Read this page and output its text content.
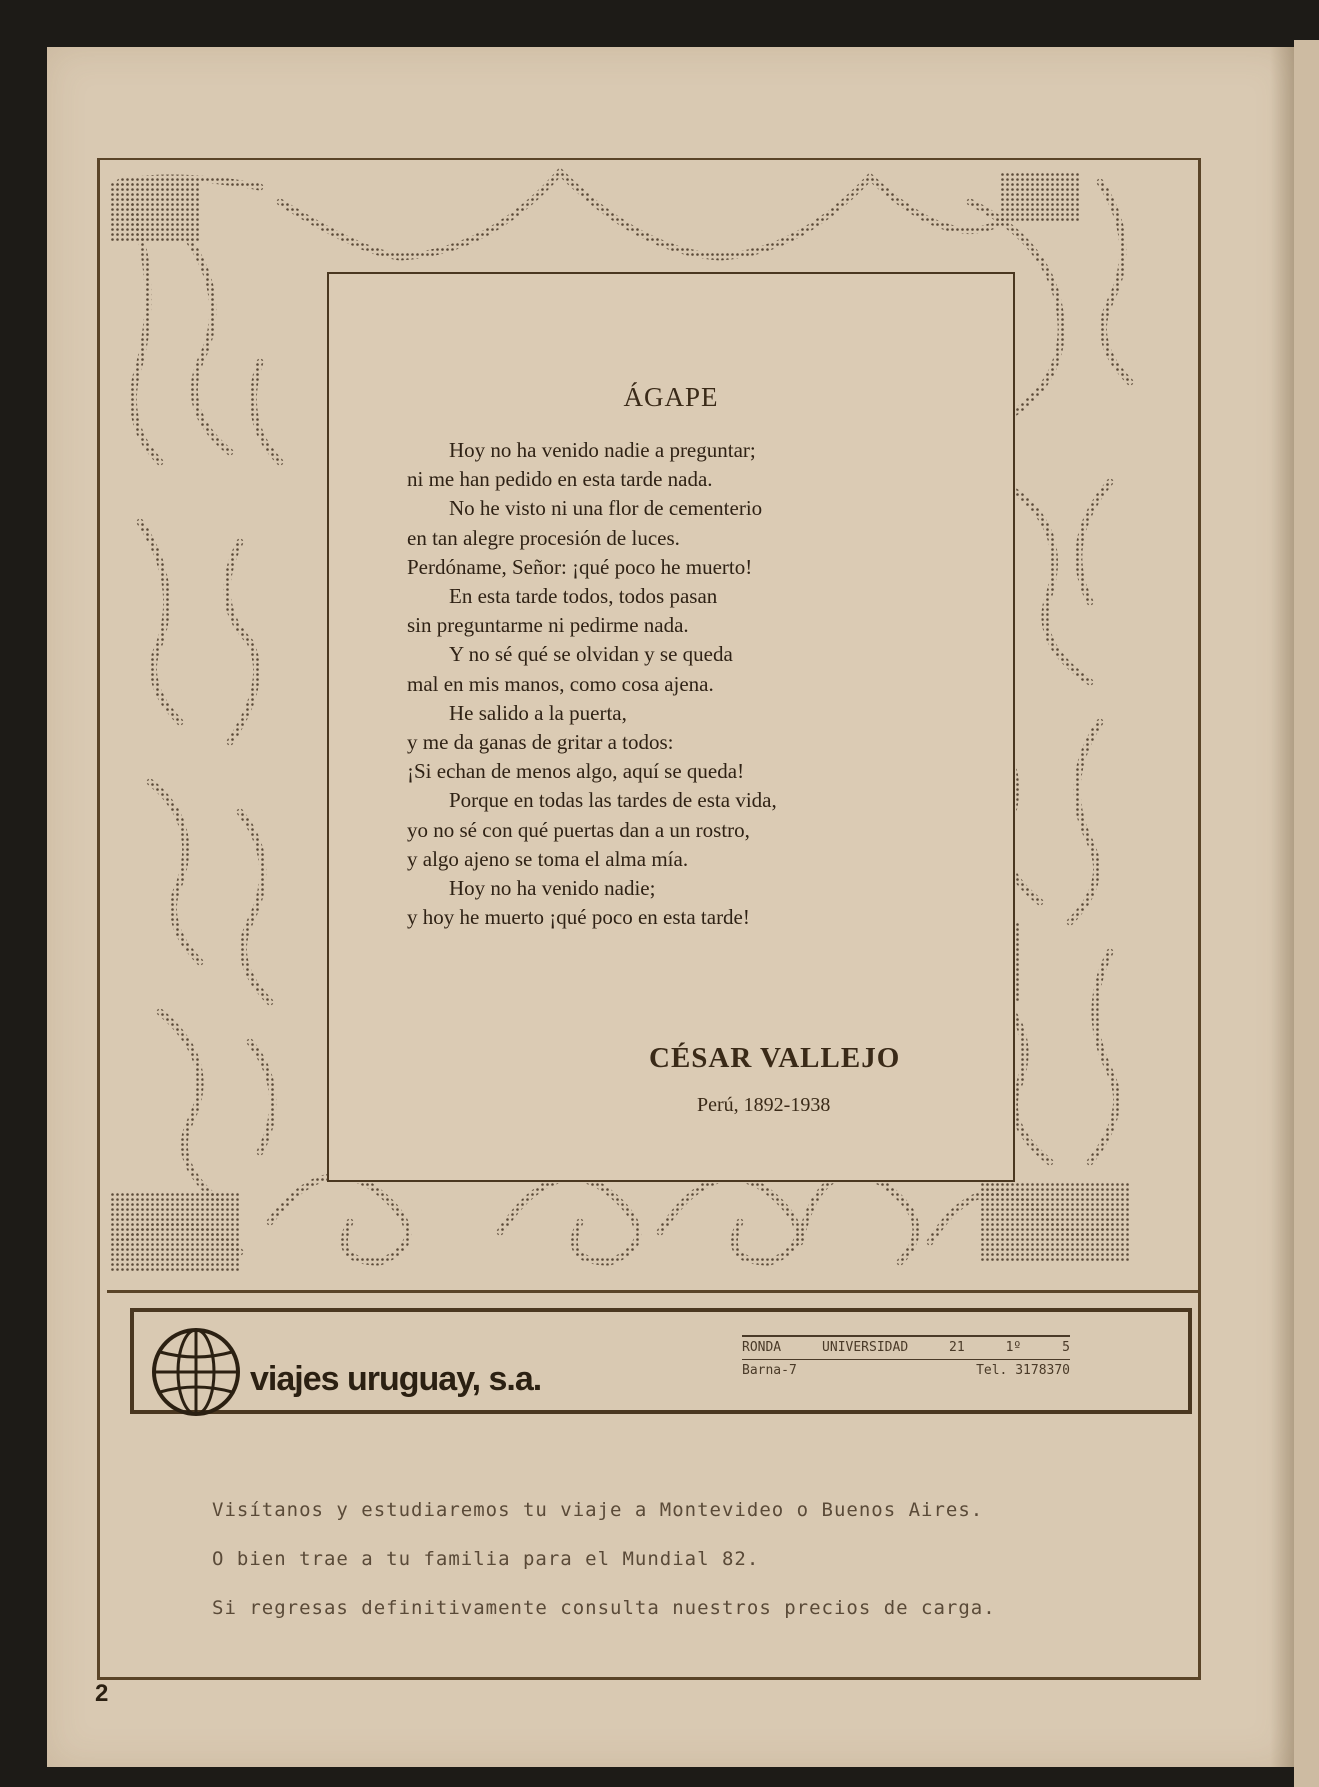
ÁGAPE
Hoy no ha venido nadie a preguntar;
ni me han pedido en esta tarde nada.
No he visto ni una flor de cementerio
en tan alegre procesión de luces.
Perdóname, Señor: ¡qué poco he muerto!
En esta tarde todos, todos pasan
sin preguntarme ni pedirme nada.
Y no sé qué se olvidan y se queda
mal en mis manos, como cosa ajena.
He salido a la puerta,
y me da ganas de gritar a todos:
¡Si echan de menos algo, aquí se queda!
Porque en todas las tardes de esta vida,
yo no sé con qué puertas dan a un rostro,
y algo ajeno se toma el alma mía.
Hoy no ha venido nadie;
y hoy he muerto ¡qué poco en esta tarde!
CÉSAR VALLEJO
Perú, 1892-1938
viajes uruguay, s.a.
RONDA	UNIVERSIDAD	21	1º	5
Barna-7	Tel. 3178370
Visítanos y estudiaremos tu viaje a Montevideo o Buenos Aires.
O bien trae a tu familia para el Mundial 82.
Si regresas definitivamente consulta nuestros precios de carga.
2
